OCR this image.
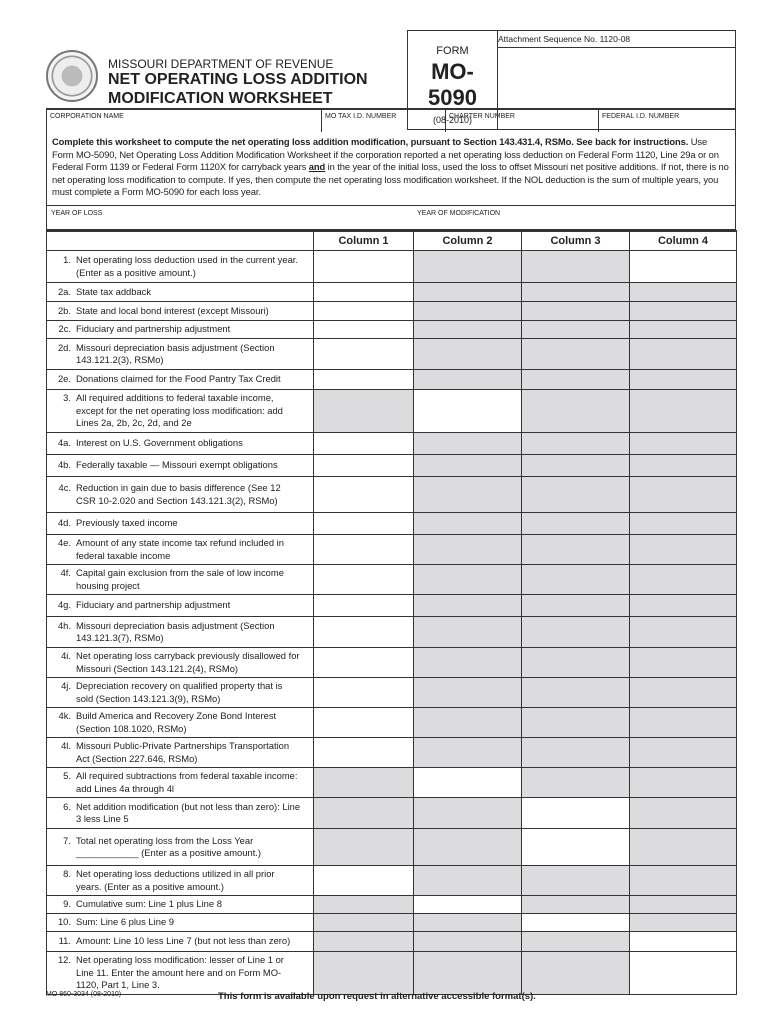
MISSOURI DEPARTMENT OF REVENUE
NET OPERATING LOSS ADDITION
MODIFICATION WORKSHEET
FORM
MO-5090
(08-2010)
Attachment Sequence No. 1120-08
CORPORATION NAME	MO TAX I.D. NUMBER	CHARTER NUMBER	FEDERAL I.D. NUMBER
Complete this worksheet to compute the net operating loss addition modification, pursuant to Section 143.431.4, RSMo. See back for instructions. Use Form MO-5090, Net Operating Loss Addition Modification Worksheet if the corporation reported a net operating loss deduction on Federal Form 1120, Line 29a or on Federal Form 1139 or Federal Form 1120X for carryback years and in the year of the initial loss, used the loss to offset Missouri net positive additions. If not, there is no net operating loss modification to compute. If yes, then compute the net operating loss modification worksheet. If the NOL deduction is the sum of multiple years, you must complete a Form MO-5090 for each loss year.
YEAR OF LOSS	YEAR OF MODIFICATION
	Column 1	Column 2	Column 3	Column 4
1. Net operating loss deduction used in the current year. (Enter as a positive amount.)				
2a. State tax addback				
2b. State and local bond interest (except Missouri)				
2c. Fiduciary and partnership adjustment				
2d. Missouri depreciation basis adjustment (Section 143.121.2(3), RSMo)				
2e. Donations claimed for the Food Pantry Tax Credit				
3. All required additions to federal taxable income, except for the net operating loss modification: add Lines 2a, 2b, 2c, 2d, and 2e				
4a. Interest on U.S. Government obligations				
4b. Federally taxable — Missouri exempt obligations				
4c. Reduction in gain due to basis difference (See 12 CSR 10-2.020 and Section 143.121.3(2), RSMo)				
4d. Previously taxed income				
4e. Amount of any state income tax refund included in federal taxable income				
4f. Capital gain exclusion from the sale of low income housing project				
4g. Fiduciary and partnership adjustment				
4h. Missouri depreciation basis adjustment (Section 143.121.3(7), RSMo)				
4i. Net operating loss carryback previously disallowed for Missouri (Section 143.121.2(4), RSMo)				
4j. Depreciation recovery on qualified property that is sold (Section 143.121.3(9), RSMo)				
4k. Build America and Recovery Zone Bond Interest (Section 108.1020, RSMo)				
4l. Missouri Public-Private Partnerships Transportation Act (Section 227.646, RSMo)				
5. All required subtractions from federal taxable income: add Lines 4a through 4l				
6. Net addition modification (but not less than zero): Line 3 less Line 5				
7. Total net operating loss from the Loss Year ____________ (Enter as a positive amount.)				
8. Net operating loss deductions utilized in all prior years. (Enter as a positive amount.)				
9. Cumulative sum: Line 1 plus Line 8				
10. Sum: Line 6 plus Line 9				
11. Amount: Line 10 less Line 7 (but not less than zero)				
12. Net operating loss modification: lesser of Line 1 or Line 11. Enter the amount here and on Form MO-1120, Part 1, Line 3.				
MO 860-3034 (08-2010)	This form is available upon request in alternative accessible format(s).
